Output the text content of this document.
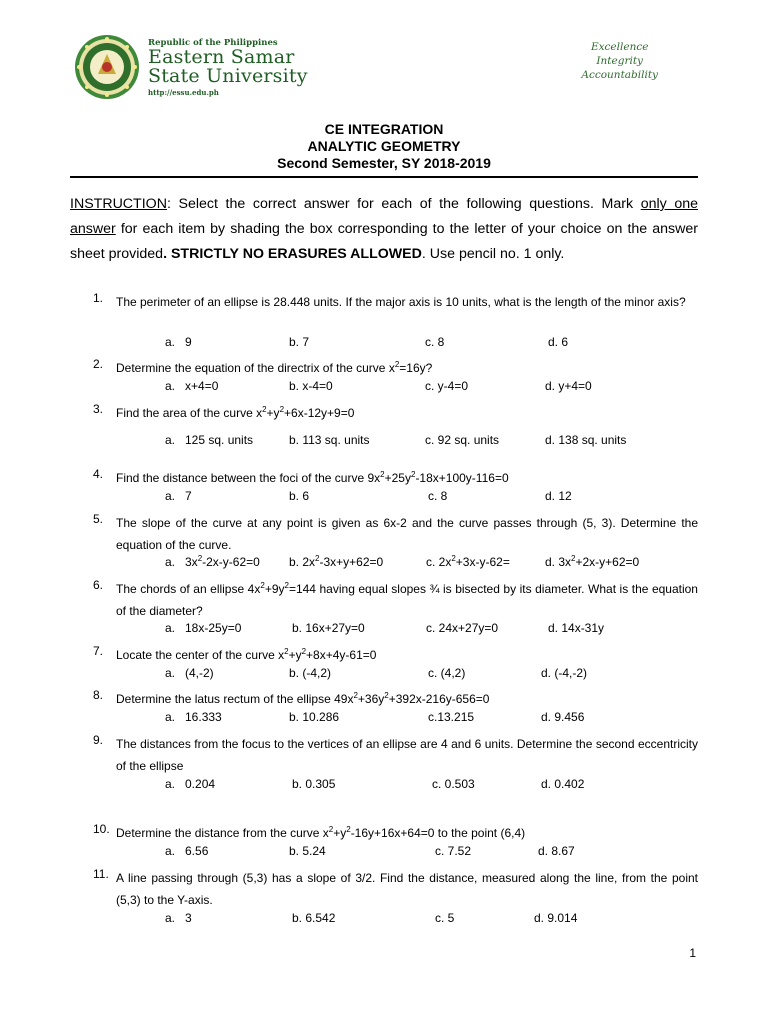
Republic of the Philippines
Eastern Samar
State University
http://essu.edu.ph
Excellence
Integrity
Accountability
CE INTEGRATION
ANALYTIC GEOMETRY
Second Semester, SY 2018-2019
INSTRUCTION: Select the correct answer for each of the following questions. Mark only one answer for each item by shading the box corresponding to the letter of your choice on the answer sheet provided. STRICTLY NO ERASURES ALLOWED. Use pencil no. 1 only.
1. The perimeter of an ellipse is 28.448 units. If the major axis is 10 units, what is the length of the minor axis?
a.   9	b. 7	c. 8	d. 6
2. Determine the equation of the directrix of the curve $x^2=16y$?
a.   x+4=0	b. x-4=0	c. y-4=0	d. y+4=0
3. Find the area of the curve $x^2+y^2+6x-12y+9=0$
a.   125 sq. units	b. 113 sq. units	c. 92 sq. units	d. 138 sq. units
4. Find the distance between the foci of the curve $9x^2+25y^2-18x+100y-116=0$
a.   7	b. 6	c. 8	d. 12
5. The slope of the curve at any point is given as 6x-2 and the curve passes through (5, 3). Determine the equation of the curve.
a.   $3x^2-2x-y-62=0$ b. $2x^2-3x+y+62=0$	c. $2x^2+3x-y-62=$	d. $3x^2+2x-y+62=0$
6. The chords of an ellipse $4x^2+9y^2=144$ having equal slopes ¾ is bisected by its diameter. What is the equation of the diameter?
a.   18x-25y=0	b. 16x+27y=0	c. 24x+27y=0	d. 14x-31y
7. Locate the center of the curve $x^2+y^2+8x+4y-61=0$
a.   (4,-2)	b. (-4,2)	c. (4,2)	d. (-4,-2)
8. Determine the latus rectum of the ellipse $49x^2+36y^2+392x-216y-656=0$
a.   16.333	b. 10.286	c.13.215	d. 9.456
9. The distances from the focus to the vertices of an ellipse are 4 and 6 units. Determine the second eccentricity of the ellipse
a.   0.204	b. 0.305	c. 0.503	d. 0.402
10. Determine the distance from the curve $x^2+y^2-16y+16x+64=0$ to the point (6,4)
a.   6.56	b. 5.24	c. 7.52	d. 8.67
11. A line passing through (5,3) has a slope of 3/2. Find the distance, measured along the line, from the point (5,3) to the Y-axis.
a.   3	b. 6.542	c. 5	d. 9.014
1
